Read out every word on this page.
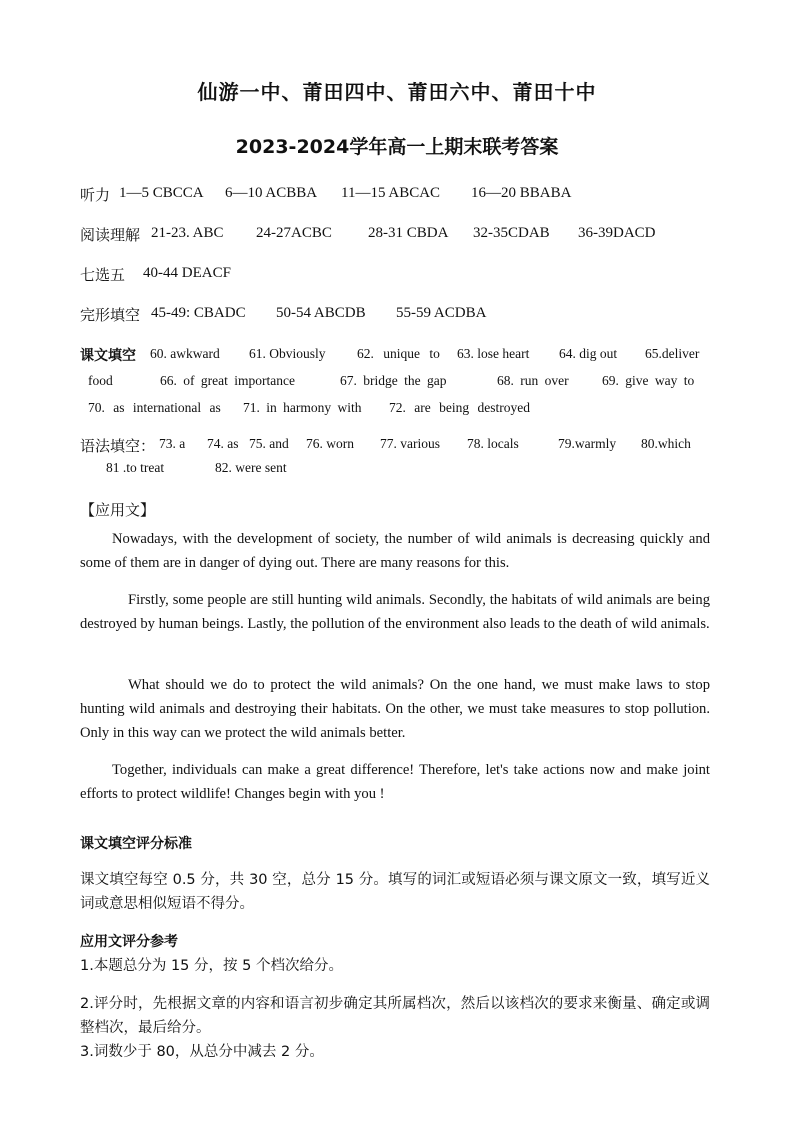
仙游一中、莆田四中、莆田六中、莆田十中
2023-2024学年高一上期末联考答案
听力 1—5 CBCCA 6—10 ACBBA 11—15 ABCAC 16—20 BBABA
阅读理解 21-23. ABC 24-27ACBC 28-31 CBDA 32-35CDAB 36-39DACD
七选五 40-44 DEACF
完形填空 45-49: CBADC 50-54 ABCDB 55-59 ACDBA
课文填空 60. awkward 61. Obviously 62. unique to 63. lose heart 64. dig out 65.deliver
food	66. of great importance	67. bridge the gap	68. run over 69. give way to
70. as international as 71. in harmony with 72. are being destroyed
语法填空： 73. a 74. as 75. and 76. worn 77. various 78. locals	79.warmly 80.which
81 .to treat	82. were sent
【应用文】

Nowadays, with the development of society, the number of wild animals is decreasing quickly and some of them are in danger of dying out. There are many reasons for this.

Firstly, some people are still hunting wild animals. Secondly, the habitats of wild animals are being destroyed by human beings. Lastly, the pollution of the environment also leads to the death of wild animals.

What should we do to protect the wild animals? On the one hand, we must make laws to stop hunting wild animals and destroying their habitats. On the other, we must take measures to stop pollution. Only in this way can we protect the wild animals better.

Together, individuals can make a great difference! Therefore, let's take actions now and make joint efforts to protect wildlife! Changes begin with you !

课文填空评分标准

课文填空每空 0.5 分，共 30 空，总分 15 分。填写的词汇或短语必须与课文原文一致，填写近义词或意思相似短语不得分。

应用文评分参考

1.本题总分为 15 分，按 5 个档次给分。

2.评分时，先根据文章的内容和语言初步确定其所属档次，然后以该档次的要求来衡量、确定或调整档次，最后给分。

3.词数少于 80，从总分中减去 2 分。
